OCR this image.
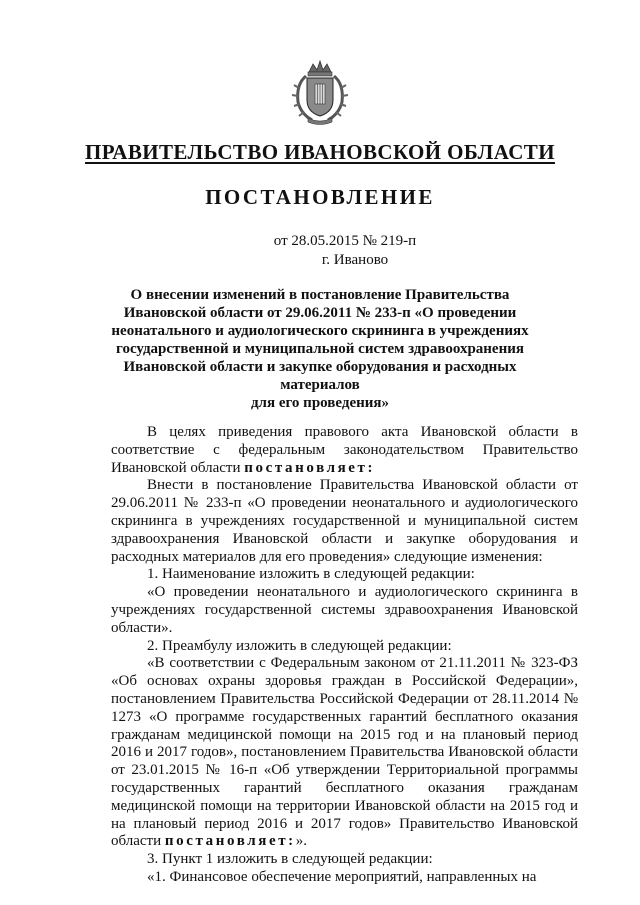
ПРАВИТЕЛЬСТВО ИВАНОВСКОЙ ОБЛАСТИ
ПОСТАНОВЛЕНИЕ
от 28.05.2015 № 219-п
г. Иваново
О внесении изменений в постановление Правительства
Ивановской области от 29.06.2011 № 233-п «О проведении
неонатального и аудиологического скрининга в учреждениях
государственной и муниципальной систем здравоохранения
Ивановской области и закупке оборудования и расходных материалов
для его проведения»

В целях приведения правового акта Ивановской области в соответствие с федеральным законодательством Правительство Ивановской области постановляет:

Внести в постановление Правительства Ивановской области от 29.06.2011 № 233-п «О проведении неонатального и аудиологического скрининга в учреждениях государственной и муниципальной систем здравоохранения Ивановской области и закупке оборудования и расходных материалов для его проведения» следующие изменения:

1. Наименование изложить в следующей редакции:

«О проведении неонатального и аудиологического скрининга в учреждениях государственной системы здравоохранения Ивановской области».

2. Преамбулу изложить в следующей редакции:

«В соответствии с Федеральным законом от 21.11.2011 № 323-ФЗ «Об основах охраны здоровья граждан в Российской Федерации», постановлением Правительства Российской Федерации от 28.11.2014 № 1273 «О программе государственных гарантий бесплатного оказания гражданам медицинской помощи на 2015 год и на плановый период 2016 и 2017 годов», постановлением Правительства Ивановской области от 23.01.2015 № 16-п «Об утверждении Территориальной программы государственных гарантий бесплатного оказания гражданам медицинской помощи на территории Ивановской области на 2015 год и на плановый период 2016 и 2017 годов» Правительство Ивановской области постановляет:».

3. Пункт 1 изложить в следующей редакции:

«1. Финансовое обеспечение мероприятий, направленных на
